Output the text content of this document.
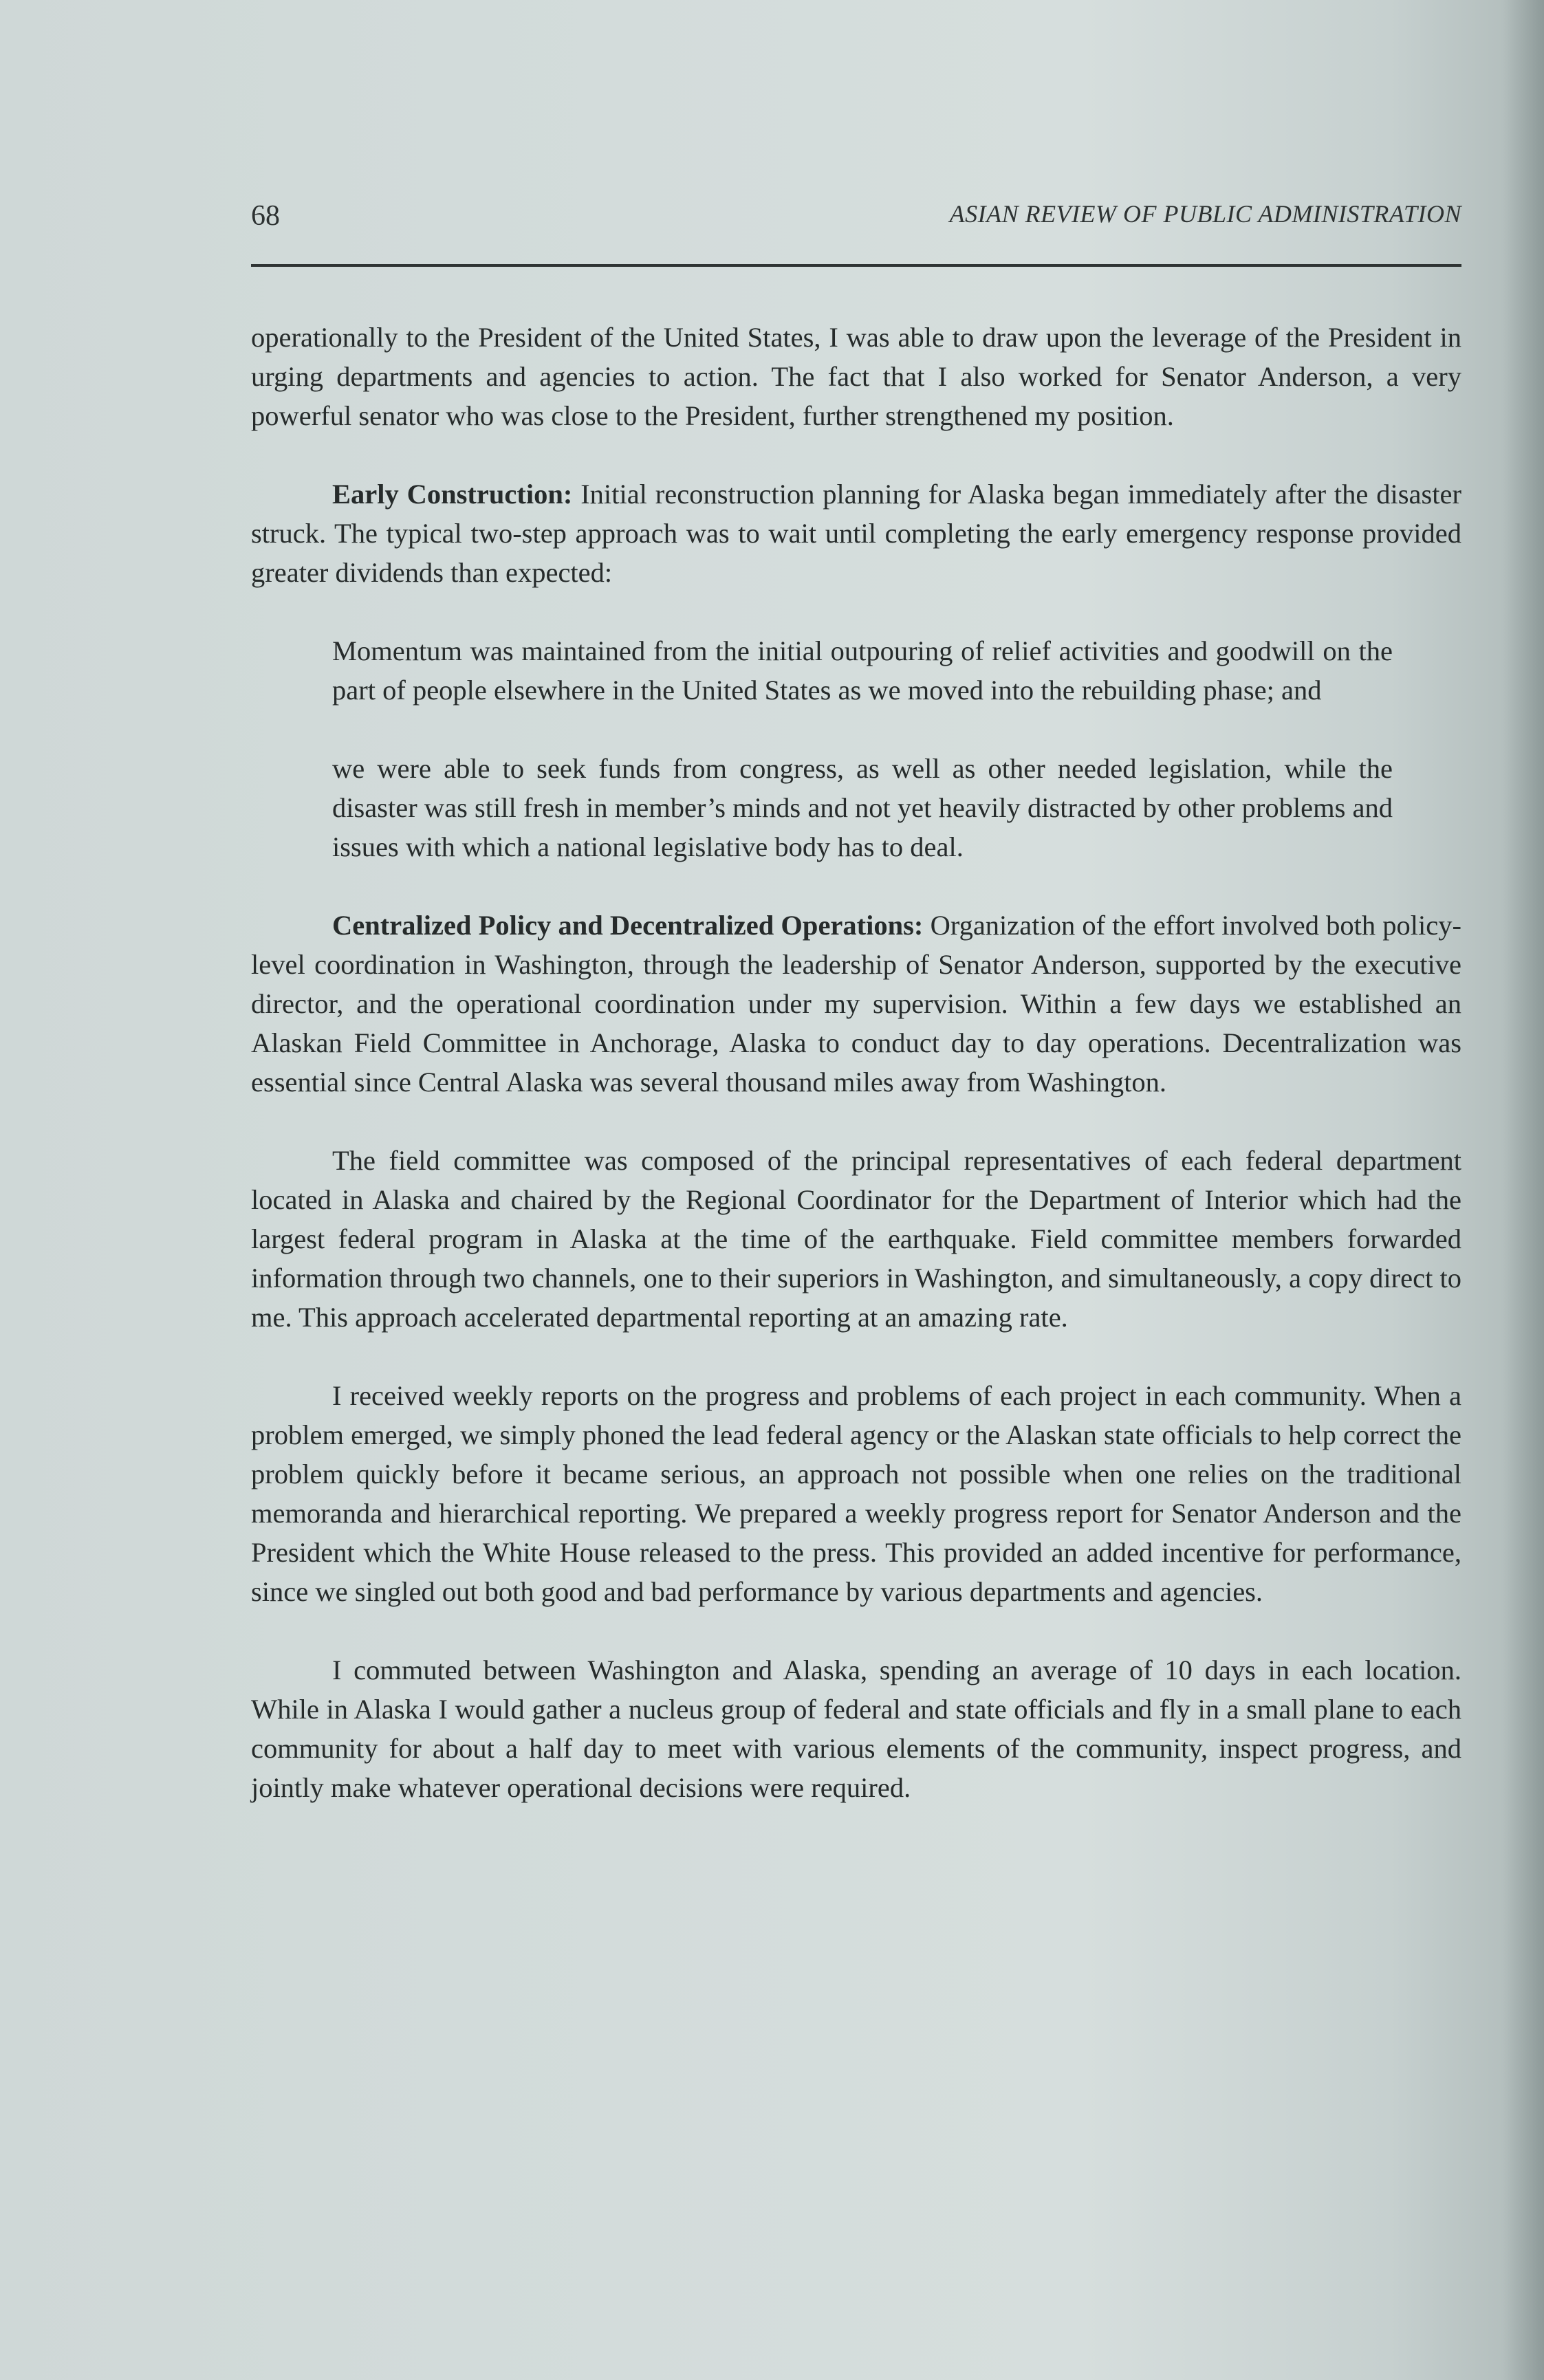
68	ASIAN REVIEW OF PUBLIC ADMINISTRATION

operationally to the President of the United States, I was able to draw upon the leverage of the President in urging departments and agencies to action. The fact that I also worked for Senator Anderson, a very powerful senator who was close to the President, further strengthened my position.

Early Construction: Initial reconstruction planning for Alaska began immediately after the disaster struck. The typical two-step approach was to wait until completing the early emergency response provided greater dividends than expected:

Momentum was maintained from the initial outpouring of relief activities and goodwill on the part of people elsewhere in the United States as we moved into the rebuilding phase; and

we were able to seek funds from congress, as well as other needed legislation, while the disaster was still fresh in member’s minds and not yet heavily distracted by other problems and issues with which a national legislative body has to deal.

Centralized Policy and Decentralized Operations: Organization of the effort involved both policy-level coordination in Washington, through the leadership of Senator Anderson, supported by the executive director, and the operational coordination under my supervision. Within a few days we established an Alaskan Field Committee in Anchorage, Alaska to conduct day to day operations. Decentralization was essential since Central Alaska was several thousand miles away from Washington.

The field committee was composed of the principal representatives of each federal department located in Alaska and chaired by the Regional Coordinator for the Department of Interior which had the largest federal program in Alaska at the time of the earthquake. Field committee members forwarded information through two channels, one to their superiors in Washington, and simultaneously, a copy direct to me. This approach accelerated departmental reporting at an amazing rate.

I received weekly reports on the progress and problems of each project in each community. When a problem emerged, we simply phoned the lead federal agency or the Alaskan state officials to help correct the problem quickly before it became serious, an approach not possible when one relies on the traditional memoranda and hierarchical reporting. We prepared a weekly progress report for Senator Anderson and the President which the White House released to the press. This provided an added incentive for performance, since we singled out both good and bad performance by various departments and agencies.

I commuted between Washington and Alaska, spending an average of 10 days in each location. While in Alaska I would gather a nucleus group of federal and state officials and fly in a small plane to each community for about a half day to meet with various elements of the community, inspect progress, and jointly make whatever operational decisions were required.
